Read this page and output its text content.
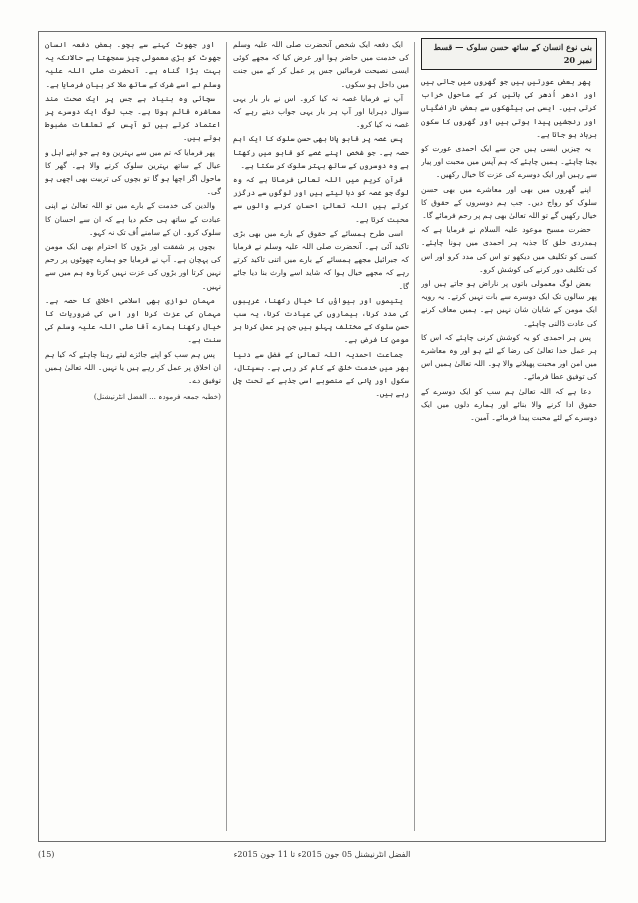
بنی نوع انسان کے ساتھ حسن سلوک — قسط نمبر 20

پھر بعض عورتیں ہیں جو گھروں میں جاتی ہیں اور ادھر اُدھر کی باتیں کر کے ماحول خراب کرتی ہیں۔ ایسی ہی بیٹھکوں سے بعض ناراضگیاں اور رنجشیں پیدا ہوتی ہیں اور گھروں کا سکون برباد ہو جاتا ہے۔

یہ چیزیں ایسی ہیں جن سے ایک احمدی عورت کو بچنا چاہئے۔ ہمیں چاہئے کہ ہم آپس میں محبت اور پیار سے رہیں اور ایک دوسرے کی عزت کا خیال رکھیں۔

اپنے گھروں میں بھی اور معاشرے میں بھی حسن سلوک کو رواج دیں۔ جب ہم دوسروں کے حقوق کا خیال رکھیں گے تو اللہ تعالیٰ بھی ہم پر رحم فرمائے گا۔

حضرت مسیح موعود علیہ السلام نے فرمایا ہے کہ ہمدردی خلق کا جذبہ ہر احمدی میں ہونا چاہئے۔ کسی کو تکلیف میں دیکھو تو اس کی مدد کرو اور اس کی تکلیف دور کرنے کی کوشش کرو۔

بعض لوگ معمولی باتوں پر ناراض ہو جاتے ہیں اور پھر سالوں تک ایک دوسرے سے بات نہیں کرتے۔ یہ رویہ ایک مومن کے شایان شان نہیں ہے۔ ہمیں معاف کرنے کی عادت ڈالنی چاہئے۔

پس ہر احمدی کو یہ کوشش کرنی چاہئے کہ اس کا ہر عمل خدا تعالیٰ کی رضا کے لئے ہو اور وہ معاشرے میں امن اور محبت پھیلانے والا ہو۔ اللہ تعالیٰ ہمیں اس کی توفیق عطا فرمائے۔

دعا ہے کہ اللہ تعالیٰ ہم سب کو ایک دوسرے کے حقوق ادا کرنے والا بنائے اور ہمارے دلوں میں ایک دوسرے کے لئے محبت پیدا فرمائے۔ آمین۔

ایک دفعہ ایک شخص آنحضرت صلی اللہ علیہ وسلم کی خدمت میں حاضر ہوا اور عرض کیا کہ مجھے کوئی ایسی نصیحت فرمائیں جس پر عمل کر کے میں جنت میں داخل ہو سکوں۔

آپ نے فرمایا غصہ نہ کیا کرو۔ اس نے بار بار یہی سوال دہرایا اور آپ ہر بار یہی جواب دیتے رہے کہ غصہ نہ کیا کرو۔

پس غصہ پر قابو پانا بھی حسن سلوک کا ایک اہم حصہ ہے۔ جو شخص اپنے غصے کو قابو میں رکھتا ہے وہ دوسروں کے ساتھ بہتر سلوک کر سکتا ہے۔

قرآن کریم میں اللہ تعالیٰ فرماتا ہے کہ وہ لوگ جو غصہ کو دبا لیتے ہیں اور لوگوں سے درگزر کرتے ہیں اللہ تعالیٰ احسان کرنے والوں سے محبت کرتا ہے۔

اسی طرح ہمسائے کے حقوق کے بارے میں بھی بڑی تاکید آئی ہے۔ آنحضرت صلی اللہ علیہ وسلم نے فرمایا کہ جبرائیل مجھے ہمسائے کے بارے میں اتنی تاکید کرتے رہے کہ مجھے خیال ہوا کہ شاید اسے وارث بنا دیا جائے گا۔

یتیموں اور بیواؤں کا خیال رکھنا، غریبوں کی مدد کرنا، بیماروں کی عیادت کرنا، یہ سب حسن سلوک کے مختلف پہلو ہیں جن پر عمل کرنا ہر مومن کا فرض ہے۔

جماعت احمدیہ اللہ تعالیٰ کے فضل سے دنیا بھر میں خدمت خلق کے کام کر رہی ہے۔ ہسپتال، سکول اور پانی کے منصوبے اسی جذبے کے تحت چل رہے ہیں۔

اور جھوٹ کہنے سے بچو۔ بعض دفعہ انسان جھوٹ کو بڑی معمولی چیز سمجھتا ہے حالانکہ یہ بہت بڑا گناہ ہے۔ آنحضرت صلی اللہ علیہ وسلم نے اسے شرک کے ساتھ ملا کر بیان فرمایا ہے۔

سچائی وہ بنیاد ہے جس پر ایک صحت مند معاشرہ قائم ہوتا ہے۔ جب لوگ ایک دوسرے پر اعتماد کرتے ہیں تو آپس کے تعلقات مضبوط ہوتے ہیں۔

پھر فرمایا کہ تم میں سے بہترین وہ ہے جو اپنے اہل و عیال کے ساتھ بہترین سلوک کرنے والا ہے۔ گھر کا ماحول اگر اچھا ہو گا تو بچوں کی تربیت بھی اچھی ہو گی۔

والدین کی خدمت کے بارے میں تو اللہ تعالیٰ نے اپنی عبادت کے ساتھ ہی حکم دیا ہے کہ ان سے احسان کا سلوک کرو۔ ان کے سامنے اُف تک نہ کہو۔

بچوں پر شفقت اور بڑوں کا احترام بھی ایک مومن کی پہچان ہے۔ آپ نے فرمایا جو ہمارے چھوٹوں پر رحم نہیں کرتا اور بڑوں کی عزت نہیں کرتا وہ ہم میں سے نہیں۔

مہمان نوازی بھی اسلامی اخلاق کا حصہ ہے۔ مہمان کی عزت کرنا اور اس کی ضروریات کا خیال رکھنا ہمارے آقا صلی اللہ علیہ وسلم کی سنت ہے۔

پس ہم سب کو اپنے جائزے لیتے رہنا چاہئے کہ کیا ہم ان اخلاق پر عمل کر رہے ہیں یا نہیں۔ اللہ تعالیٰ ہمیں توفیق دے۔

(خطبہ جمعہ فرمودہ ... الفضل انٹرنیشنل)
(15)	الفضل انٹرنیشنل 05 جون 2015ء تا 11 جون 2015ء
